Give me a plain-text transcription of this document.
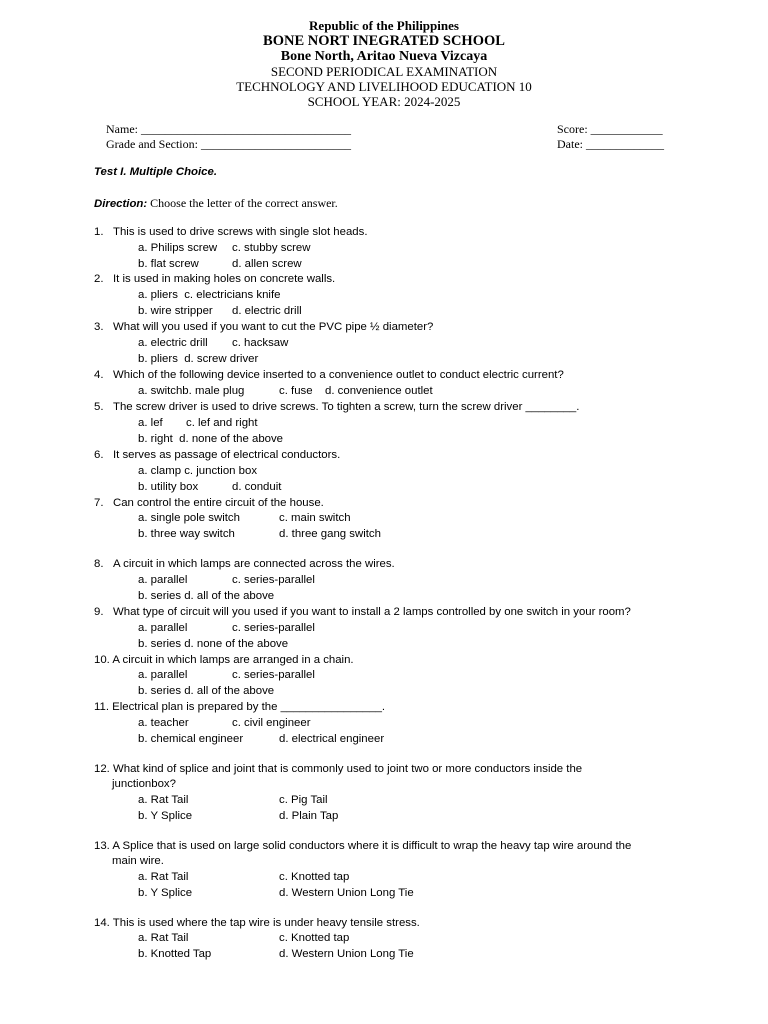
Republic of the Philippines
BONE NORT INEGRATED SCHOOL
Bone North, Aritao Nueva Vizcaya
SECOND PERIODICAL EXAMINATION
TECHNOLOGY AND LIVELIHOOD EDUCATION 10
SCHOOL YEAR: 2024-2025
Name: ___________________________________
Grade and Section: _________________________
Score: ____________
Date: _____________
Test I. Multiple Choice.
Direction: Choose the letter of the correct answer.
1.   This is used to drive screws with single slot heads.
a. Philips screw c. stubby screw
b. flat screw	d. allen screw
2.   It is used in making holes on concrete walls.
a. pliers  c. electricians knife
b. wire stripper d. electric drill
3.   What will you used if you want to cut the PVC pipe ½ diameter?
a. electric drill c. hacksaw
b. pliers  d. screw driver
4.   Which of the following device inserted to a convenience outlet to conduct electric current?
a. switchb. male plug	c. fuse d. convenience outlet
5.   The screw driver is used to drive screws. To tighten a screw, turn the screw driver ________.
a. lef c. lef and right
b. right  d. none of the above
6.   It serves as passage of electrical conductors.
a. clamp c. junction box
b. utility box	d. conduit
7.   Can control the entire circuit of the house.
a. single pole switch	c. main switch
b. three way switch	d. three gang switch
8.   A circuit in which lamps are connected across the wires.
a. parallel	c. series-parallel
b. series d. all of the above
9.   What type of circuit will you used if you want to install a 2 lamps controlled by one switch in your room?
a. parallel	c. series-parallel
b. series d. none of the above
10. A circuit in which lamps are arranged in a chain.
a. parallel	c. series-parallel
b. series d. all of the above
11. Electrical plan is prepared by the ________________.
a. teacher	c. civil engineer
b. chemical engineer	d. electrical engineer
12. What kind of splice and joint that is commonly used to joint two or more conductors inside the
junctionbox?
a. Rat Tail	c. Pig Tail
b. Y Splice	d. Plain Tap
13. A Splice that is used on large solid conductors where it is difficult to wrap the heavy tap wire around the
main wire.
a. Rat Tail	c. Knotted tap
b. Y Splice	d. Western Union Long Tie
14. This is used where the tap wire is under heavy tensile stress.
a. Rat Tail	c. Knotted tap
b. Knotted Tap	d. Western Union Long Tie
